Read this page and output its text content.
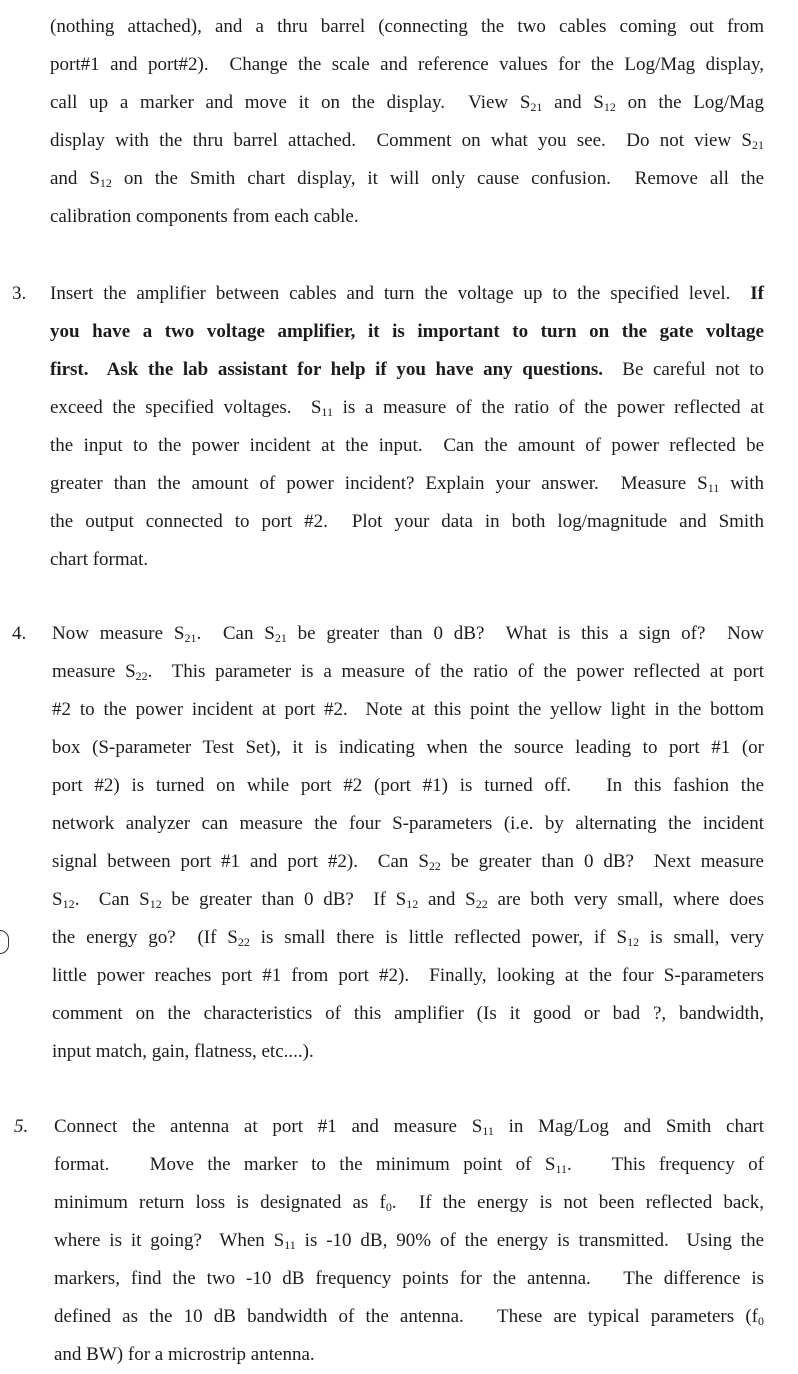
(nothing attached), and a thru barrel (connecting the two cables coming out from
port#1 and port#2).  Change the scale and reference values for the Log/Mag display,
call up a marker and move it on the display.  View $S_{21}$ and $S_{12}$ on the Log/Mag
display with the thru barrel attached.  Comment on what you see.  Do not view $S_{21}$
and $S_{12}$ on the Smith chart display, it will only cause confusion.  Remove all the
calibration components from each cable.
3. Insert the amplifier between cables and turn the voltage up to the specified level.  If
you have a two voltage amplifier, it is important to turn on the gate voltage
first.  Ask the lab assistant for help if you have any questions.  Be careful not to
exceed the specified voltages.  $S_{11}$ is a measure of the ratio of the power reflected at
the input to the power incident at the input.  Can the amount of power reflected be
greater than the amount of power incident? Explain your answer.  Measure $S_{11}$ with
the output connected to port #2.  Plot your data in both log/magnitude and Smith
chart format.
4. Now measure $S_{21}$.  Can $S_{21}$ be greater than 0 dB?  What is this a sign of?  Now
measure $S_{22}$.  This parameter is a measure of the ratio of the power reflected at port
#2 to the power incident at port #2.  Note at this point the yellow light in the bottom
box (S-parameter Test Set), it is indicating when the source leading to port #1 (or
port #2) is turned on while port #2 (port #1) is turned off.   In this fashion the
network analyzer can measure the four S-parameters (i.e. by alternating the incident
signal between port #1 and port #2).  Can $S_{22}$ be greater than 0 dB?  Next measure
$S_{12}$.  Can $S_{12}$ be greater than 0 dB?  If $S_{12}$ and $S_{22}$ are both very small, where does
the energy go?  (If $S_{22}$ is small there is little reflected power, if $S_{12}$ is small, very
little power reaches port #1 from port #2).  Finally, looking at the four S-parameters
comment on the characteristics of this amplifier (Is it good or bad ?, bandwidth,
input match, gain, flatness, etc....).
5. Connect the antenna at port #1 and measure $S_{11}$ in Mag/Log and Smith chart
format.   Move the marker to the minimum point of $S_{11}$.   This frequency of
minimum return loss is designated as $f_0$.  If the energy is not been reflected back,
where is it going?  When $S_{11}$ is -10 dB, 90% of the energy is transmitted.  Using the
markers, find the two -10 dB frequency points for the antenna.   The difference is
defined as the 10 dB bandwidth of the antenna.   These are typical parameters ($f_0$
and BW) for a microstrip antenna.
